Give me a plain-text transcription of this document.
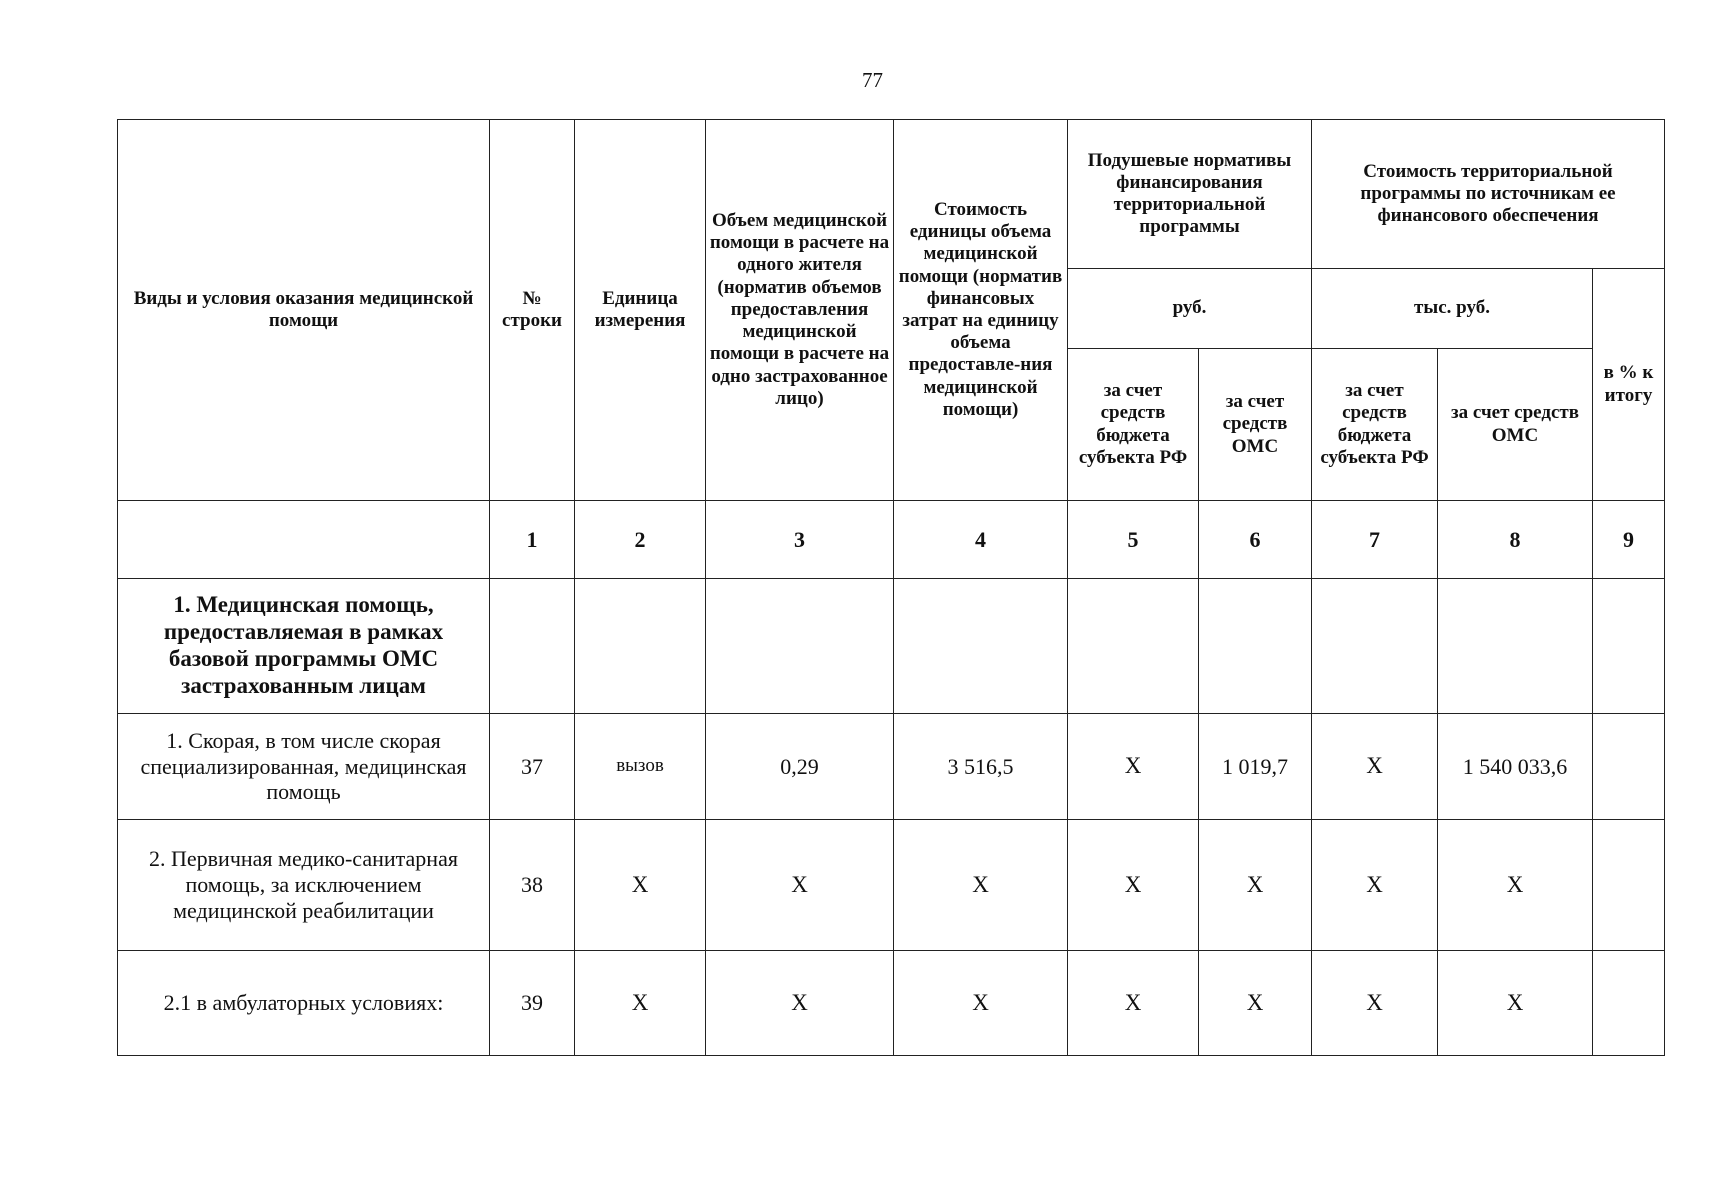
77
Виды и условия оказания медицинской помощи	№ строки	Единица измерения	Объем медицинской помощи в расчете на одного жителя (норматив объемов предоставления медицинской помощи в расчете на одно застрахованное лицо)	Стоимость единицы объема медицинской помощи (норматив финансовых затрат на единицу объема предоставле-ния медицинской помощи)	Подушевые нормативы финансирования территориальной программы		Стоимость территориальной программы по источникам ее финансового обеспечения		
					руб.		тыс. руб.		в % к итогу
					за счет средств бюджета субъекта РФ	за счет средств ОМС	за счет средств бюджета субъекта РФ	за счет средств ОМС	
	1	2	3	4	5	6	7	8	9
1. Медицинская помощь, предоставляемая в рамках базовой программы ОМС застрахованным лицам									
1. Скорая, в том числе скорая специализированная, медицинская помощь	37	вызов	0,29	3 516,5	Х	1 019,7	Х	1 540 033,6	
2. Первичная медико-санитарная помощь, за исключением медицинской реабилитации	38	Х	Х	Х	Х	Х	Х	Х	
2.1 в амбулаторных условиях:	39	Х	Х	Х	Х	Х	Х	Х	
